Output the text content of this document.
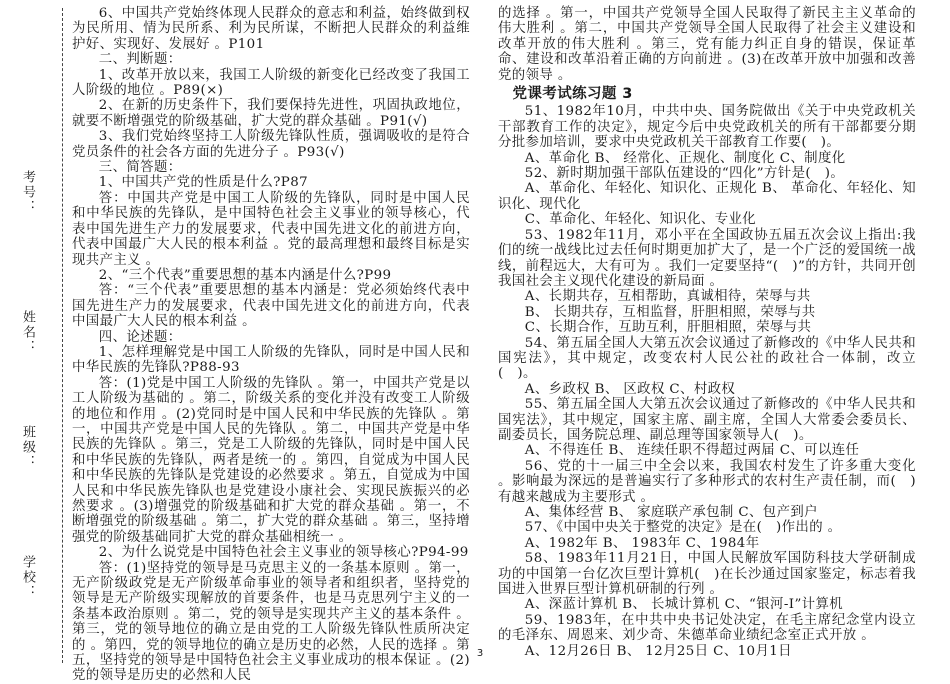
考号：
姓名：
班级：
学校：

6、中国共产党始终体现人民群众的意志和利益，始终做到权为民所用、情为民所系、利为民所谋，不断把人民群众的利益维护好、实现好、发展好 。P101

二、判断题：

1、改革开放以来，我国工人阶级的新变化已经改变了我国工人阶级的地位 。P89(×)

2、在新的历史条件下，我们要保持先进性，巩固执政地位，就要不断增强党的阶级基础，扩大党的群众基础 。P91(√)

3、我们党始终坚持工人阶级先锋队性质，强调吸收的是符合党员条件的社会各方面的先进分子 。P93(√)

三、简答题：

1、中国共产党的性质是什么?P87

答：中国共产党是中国工人阶级的先锋队，同时是中国人民和中华民族的先锋队，是中国特色社会主义事业的领导核心，代表中国先进生产力的发展要求，代表中国先进文化的前进方向，代表中国最广大人民的根本利益 。党的最高理想和最终目标是实现共产主义 。

2、“三个代表”重要思想的基本内涵是什么?P99

答：“三个代表”重要思想的基本内涵是：党必须始终代表中国先进生产力的发展要求，代表中国先进文化的前进方向，代表中国最广大人民的根本利益 。

四、论述题：

1、怎样理解党是中国工人阶级的先锋队，同时是中国人民和中华民族的先锋队?P88-93

答：(1)党是中国工人阶级的先锋队 。第一，中国共产党是以工人阶级为基础的 。第二，阶级关系的变化并没有改变工人阶级的地位和作用 。(2)党同时是中国人民和中华民族的先锋队 。第一，中国共产党是中国人民的先锋队 。第二，中国共产党是中华民族的先锋队 。第三，党是工人阶级的先锋队，同时是中国人民和中华民族的先锋队，两者是统一的 。第四，自觉成为中国人民和中华民族的先锋队是党建设的必然要求 。第五，自觉成为中国人民和中华民族先锋队也是党建设小康社会、实现民族振兴的必然要求 。(3)增强党的阶级基础和扩大党的群众基础 。第一，不断增强党的阶级基础 。第二，扩大党的群众基础 。第三，坚持增强党的阶级基础同扩大党的群众基础相统一 。

2、为什么说党是中国特色社会主义事业的领导核心?P94-99

答：(1)坚持党的领导是马克思主义的一条基本原则 。第一，无产阶级政党是无产阶级革命事业的领导者和组织者，坚持党的领导是无产阶级实现解放的首要条件，也是马克思列宁主义的一条基本政治原则 。第二，党的领导是实现共产主义的基本条件 。第三，党的领导地位的确立是由党的工人阶级先锋队性质所决定的 。第四，党的领导地位的确立是历史的必然，人民的选择 。第五，坚持党的领导是中国特色社会主义事业成功的根本保证 。(2)党的领导是历史的必然和人民

的选择 。第一，中国共产党领导全国人民取得了新民主主义革命的伟大胜利 。第二，中国共产党领导全国人民取得了社会主义建设和改革开放的伟大胜利 。第三，党有能力纠正自身的错误，保证革命、建设和改革沿着正确的方向前进 。(3)在改革开放中加强和改善党的领导 。

党课考试练习题 3

51、1982年10月，中共中央、国务院做出《关于中央党政机关干部教育工作的决定》，规定今后中央党政机关的所有干部都要分期分批参加培训，要求中央党政机关干部教育工作要(　)。

A、革命化 B、 经常化、正规化、制度化 C、制度化

52、新时期加强干部队伍建设的“四化”方针是(　)。

A、革命化、年轻化、知识化、正规化 B、 革命化、年轻化、知识化、现代化

C、革命化、年轻化、知识化、专业化

53、1982年11月，邓小平在全国政协五届五次会议上指出:我们的统一战线比过去任何时期更加扩大了，是一个广泛的爱国统一战线，前程远大，大有可为 。我们一定要坚持“(　)”的方针，共同开创我国社会主义现代化建设的新局面 。

A、长期共存，互相帮助，真诚相待，荣辱与共

B、 长期共存，互相监督，肝胆相照，荣辱与共

C、长期合作，互助互利，肝胆相照，荣辱与共

54、第五届全国人大第五次会议通过了新修改的《中华人民共和国宪法》，其中规定，改变农村人民公社的政社合一体制，改立(　)。

A、乡政权 B、 区政权 C、村政权

55、第五届全国人大第五次会议通过了新修改的《中华人民共和国宪法》，其中规定，国家主席、副主席，全国人大常委会委员长、副委员长，国务院总理、副总理等国家领导人(　)。

A、不得连任 B、 连续任职不得超过两届 C、可以连任

56、党的十一届三中全会以来，我国农村发生了许多重大变化 。影响最为深远的是普遍实行了多种形式的农村生产责任制，而(　)有越来越成为主要形式 。

A、集体经营 B、 家庭联产承包制 C、包产到户

57、《中国中央关于整党的决定》是在(　)作出的 。

A、1982年 B、 1983年 C、1984年

58、1983年11月21日，中国人民解放军国防科技大学研制成功的中国第一台亿次巨型计算机(　)在长沙通过国家鉴定，标志着我国进入世界巨型计算机研制的行列 。

A、深蓝计算机 B、 长城计算机 C、“银河-I”计算机

59、1983年，在中共中央书记处决定，在毛主席纪念堂内设立的毛泽东、周恩来、刘少奇、朱德革命业绩纪念室正式开放 。

A、12月26日 B、 12月25日 C、10月1日

3
